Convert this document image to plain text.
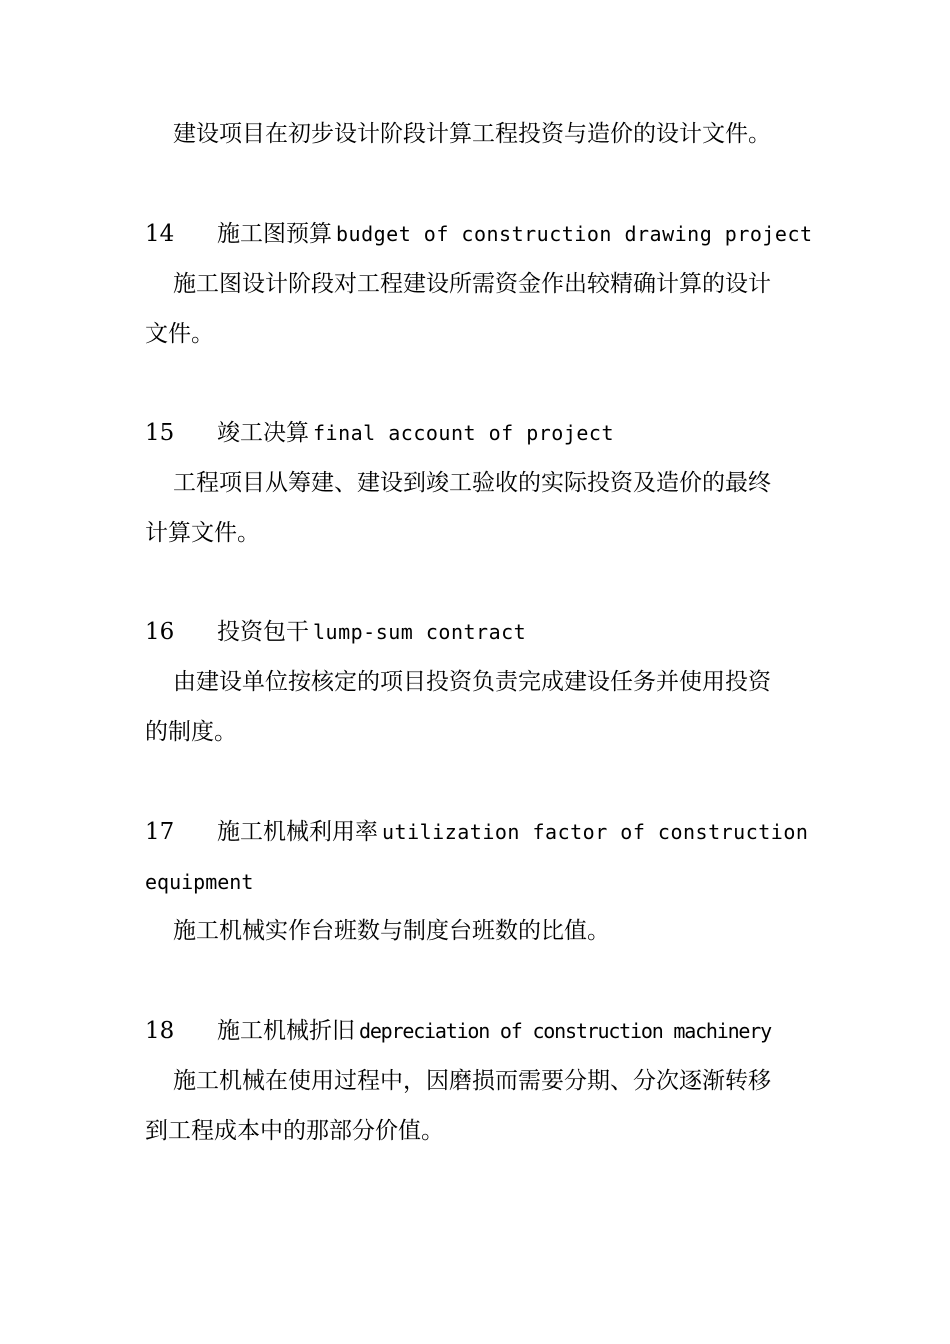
建设项目在初步设计阶段计算工程投资与造价的设计文件。
14	施工图预算 budget of construction drawing project
施工图设计阶段对工程建设所需资金作出较精确计算的设计
文件。
15	竣工决算 final account of project
工程项目从筹建、建设到竣工验收的实际投资及造价的最终
计算文件。
16	投资包干 lump-sum contract
由建设单位按核定的项目投资负责完成建设任务并使用投资
的制度。
17	施工机械利用率 utilization factor of construction
equipment
施工机械实作台班数与制度台班数的比值。
18	施工机械折旧 depreciation of construction machinery
施工机械在使用过程中，因磨损而需要分期、分次逐渐转移
到工程成本中的那部分价值。
